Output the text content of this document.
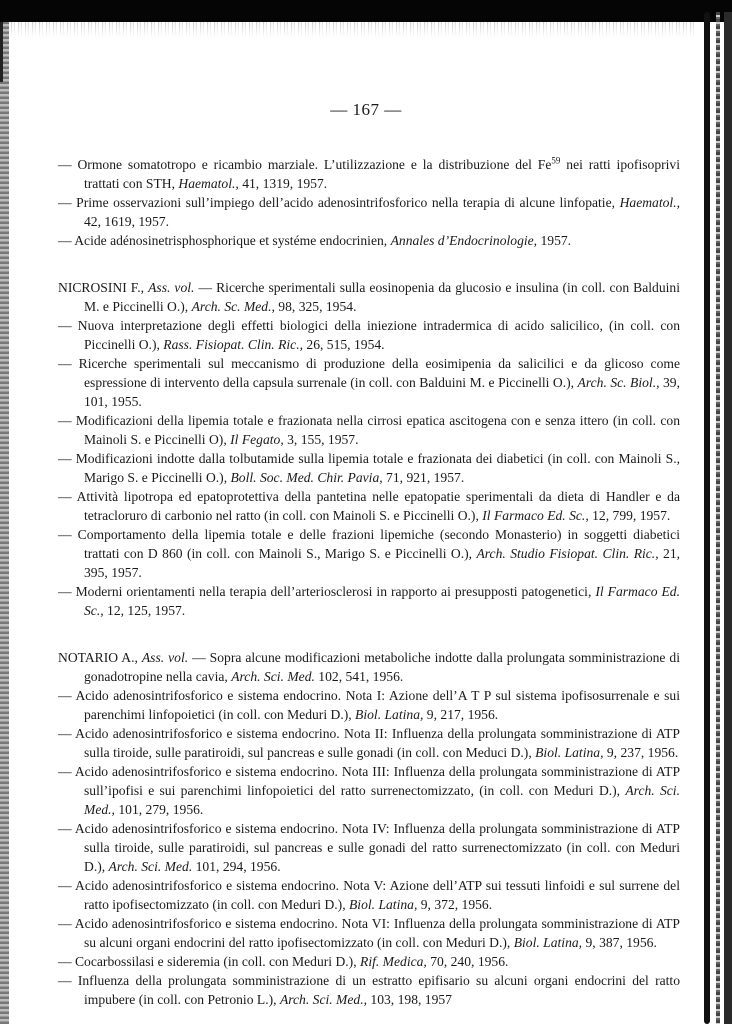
— 167 —

— Ormone somatotropo e ricambio marziale. L’utilizzazione e la distribuzione del Fe$^{59}$ nei ratti ipofisoprivi trattati con STH, Haematol., 41, 1319, 1957.

— Prime osservazioni sull’impiego dell’acido adenosintrifosforico nella terapia di alcune linfopatie, Haematol., 42, 1619, 1957.

— Acide adénosinetrisphosphorique et systéme endocrinien, Annales d’Endocrinologie, 1957.

NICROSINI F., Ass. vol. — Ricerche sperimentali sulla eosinopenia da glucosio e insulina (in coll. con Balduini M. e Piccinelli O.), Arch. Sc. Med., 98, 325, 1954.

— Nuova interpretazione degli effetti biologici della iniezione intradermica di acido salicilico, (in coll. con Piccinelli O.), Rass. Fisiopat. Clin. Ric., 26, 515, 1954.

— Ricerche sperimentali sul meccanismo di produzione della eosimipenia da salicilici e da glicoso come espressione di intervento della capsula surrenale (in coll. con Balduini M. e Piccinelli O.), Arch. Sc. Biol., 39, 101, 1955.

— Modificazioni della lipemia totale e frazionata nella cirrosi epatica ascitogena con e senza ittero (in coll. con Mainoli S. e Piccinelli O), Il Fegato, 3, 155, 1957.

— Modificazioni indotte dalla tolbutamide sulla lipemia totale e frazionata dei diabetici (in coll. con Mainoli S., Marigo S. e Piccinelli O.), Boll. Soc. Med. Chir. Pavia, 71, 921, 1957.

— Attività lipotropa ed epatoprotettiva della pantetina nelle epatopatie sperimentali da dieta di Handler e da tetracloruro di carbonio nel ratto (in coll. con Mainoli S. e Piccinelli O.), Il Farmaco Ed. Sc., 12, 799, 1957.

— Comportamento della lipemia totale e delle frazioni lipemiche (secondo Monasterio) in soggetti diabetici trattati con D 860 (in coll. con Mainoli S., Marigo S. e Piccinelli O.), Arch. Studio Fisiopat. Clin. Ric., 21, 395, 1957.

— Moderni orientamenti nella terapia dell’arteriosclerosi in rapporto ai presupposti patogenetici, Il Farmaco Ed. Sc., 12, 125, 1957.

NOTARIO A., Ass. vol. — Sopra alcune modificazioni metaboliche indotte dalla prolungata somministrazione di gonadotropine nella cavia, Arch. Sci. Med. 102, 541, 1956.

— Acido adenosintrifosforico e sistema endocrino. Nota I: Azione dell’A T P sul sistema ipofisosurrenale e sui parenchimi linfopoietici (in coll. con Meduri D.), Biol. Latina, 9, 217, 1956.

— Acido adenosintrifosforico e sistema endocrino. Nota II: Influenza della prolungata somministrazione di ATP sulla tiroide, sulle paratiroidi, sul pancreas e sulle gonadi (in coll. con Meduci D.), Biol. Latina, 9, 237, 1956.

— Acido adenosintrifosforico e sistema endocrino. Nota III: Influenza della prolungata somministrazione di ATP sull’ipofisi e sui parenchimi linfopoietici del ratto surrenectomizzato, (in coll. con Meduri D.), Arch. Sci. Med., 101, 279, 1956.

— Acido adenosintrifosforico e sistema endocrino. Nota IV: Influenza della prolungata somministrazione di ATP sulla tiroide, sulle paratiroidi, sul pancreas e sulle gonadi del ratto surrenectomizzato (in coll. con Meduri D.), Arch. Sci. Med. 101, 294, 1956.

— Acido adenosintrifosforico e sistema endocrino. Nota V: Azione dell’ATP sui tessuti linfoidi e sul surrene del ratto ipofisectomizzato (in coll. con Meduri D.), Biol. Latina, 9, 372, 1956.

— Acido adenosintrifosforico e sistema endocrino. Nota VI: Influenza della prolungata somministrazione di ATP su alcuni organi endocrini del ratto ipofisectomizzato (in coll. con Meduri D.), Biol. Latina, 9, 387, 1956.

— Cocarbossilasi e sideremia (in coll. con Meduri D.), Rif. Medica, 70, 240, 1956.

— Influenza della prolungata somministrazione di un estratto epifisario su alcuni organi endocrini del ratto impubere (in coll. con Petronio L.), Arch. Sci. Med., 103, 198, 1957
